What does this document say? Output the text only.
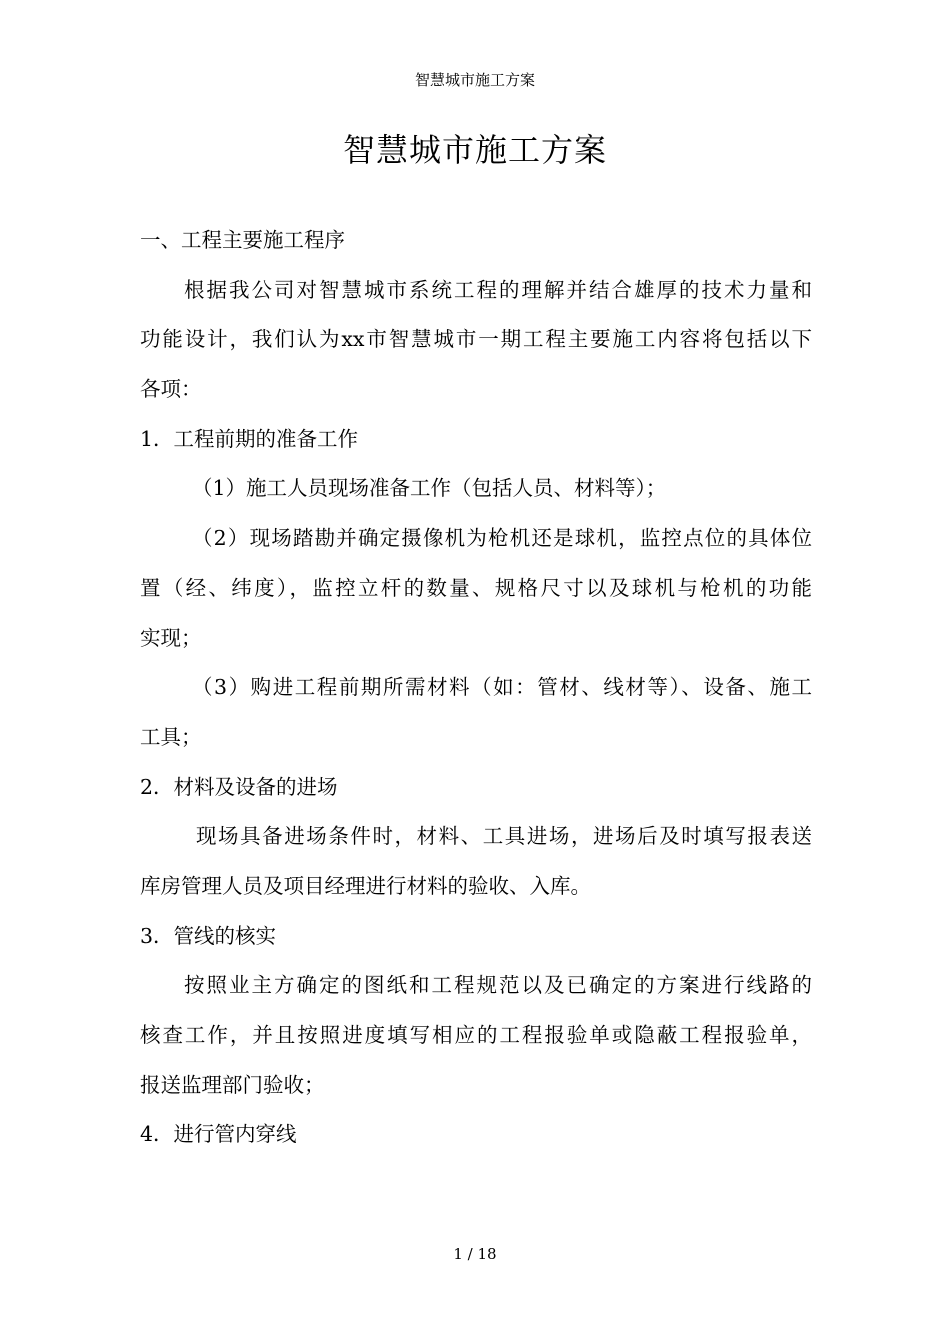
智慧城市施工方案
智慧城市施工方案
一、工程主要施工程序
根据我公司对智慧城市系统工程的理解并结合雄厚的技术力量和
功能设计，我们认为xx市智慧城市一期工程主要施工内容将包括以下
各项：
1．工程前期的准备工作
（1）施工人员现场准备工作（包括人员、材料等）；
（2）现场踏勘并确定摄像机为枪机还是球机，监控点位的具体位
置（经、纬度），监控立杆的数量、规格尺寸以及球机与枪机的功能
实现；
（3）购进工程前期所需材料（如：管材、线材等）、设备、施工
工具；
2．材料及设备的进场
现场具备进场条件时，材料、工具进场，进场后及时填写报表送
库房管理人员及项目经理进行材料的验收、入库。
3．管线的核实
按照业主方确定的图纸和工程规范以及已确定的方案进行线路的
核查工作，并且按照进度填写相应的工程报验单或隐蔽工程报验单，
报送监理部门验收；
4．进行管内穿线
1 / 18
